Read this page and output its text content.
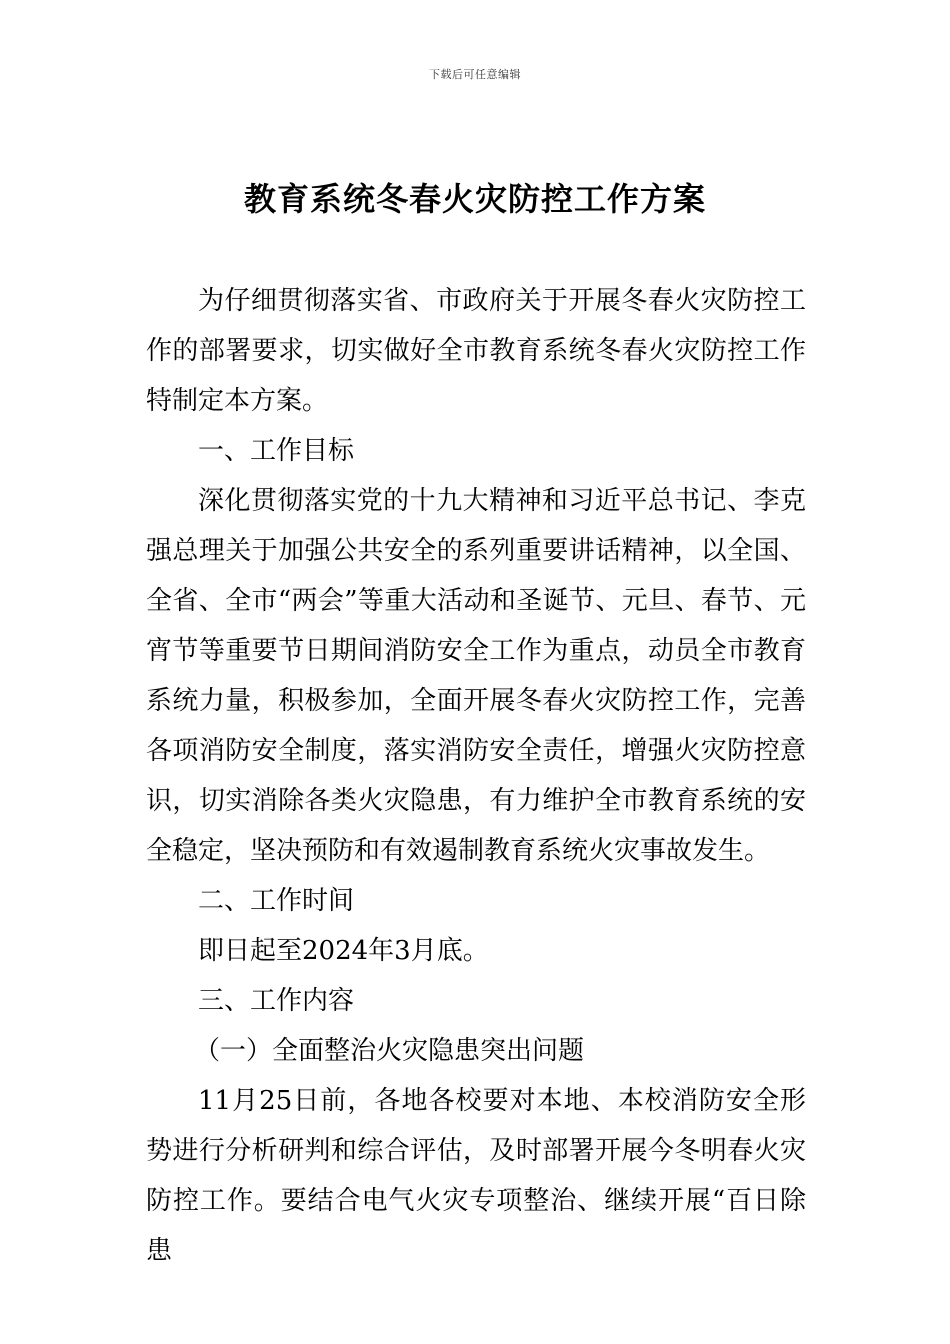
下载后可任意编辑
教育系统冬春火灾防控工作方案

为仔细贯彻落实省、市政府关于开展冬春火灾防控工作的部署要求，切实做好全市教育系统冬春火灾防控工作特制定本方案。

一、工作目标

深化贯彻落实党的十九大精神和习近平总书记、李克强总理关于加强公共安全的系列重要讲话精神，以全国、全省、全市“两会”等重大活动和圣诞节、元旦、春节、元宵节等重要节日期间消防安全工作为重点，动员全市教育系统力量，积极参加，全面开展冬春火灾防控工作，完善各项消防安全制度，落实消防安全责任，增强火灾防控意识，切实消除各类火灾隐患，有力维护全市教育系统的安全稳定，坚决预防和有效遏制教育系统火灾事故发生。

二、工作时间

即日起至2024年3月底。

三、工作内容

（一）全面整治火灾隐患突出问题

11月25日前，各地各校要对本地、本校消防安全形势进行分析研判和综合评估，及时部署开展今冬明春火灾防控工作。要结合电气火灾专项整治、继续开展“百日除患
